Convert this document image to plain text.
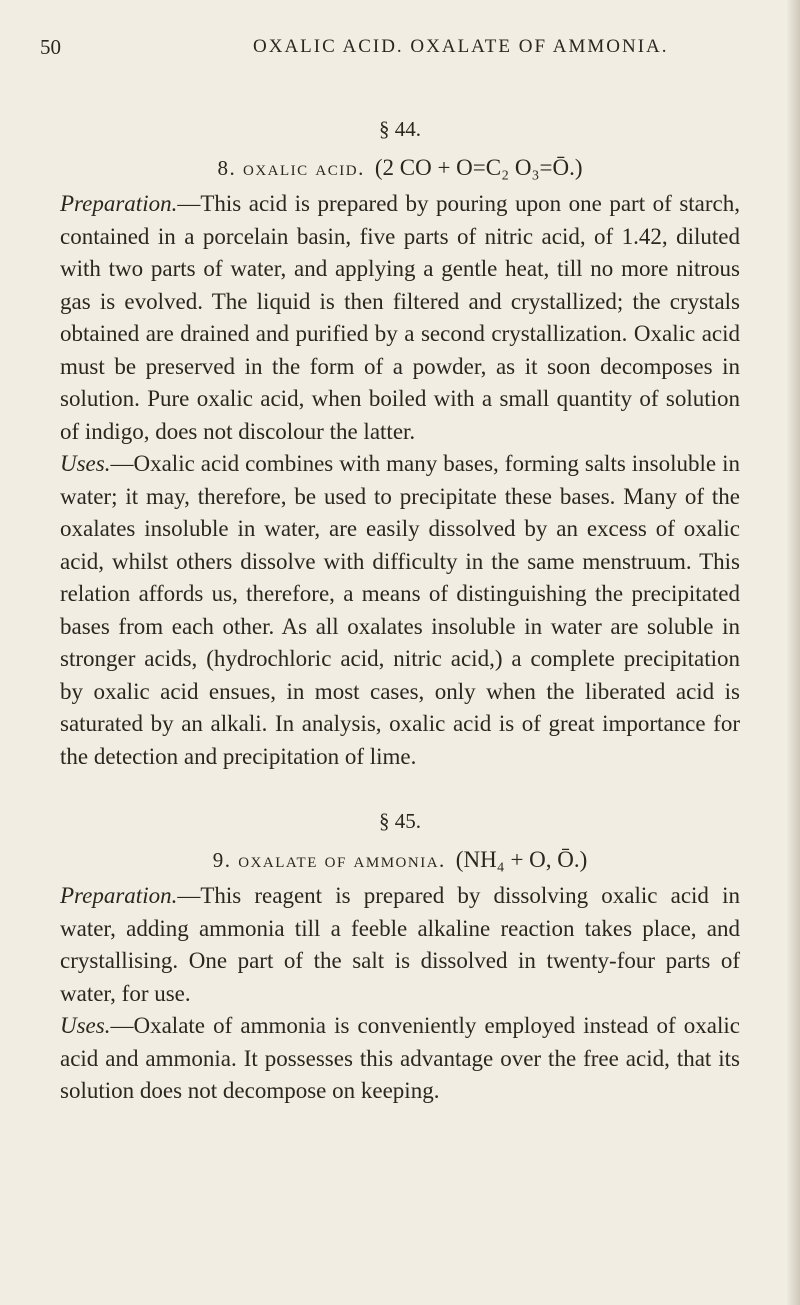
50	OXALIC ACID. OXALATE OF AMMONIA.

§ 44.

8. oxalic acid. (2 CO + O=C₂ O₃=Ō.)

Preparation.—This acid is prepared by pouring upon one part of starch, contained in a porcelain basin, five parts of nitric acid, of 1.42, diluted with two parts of water, and applying a gentle heat, till no more nitrous gas is evolved. The liquid is then filtered and crystallized; the crystals obtained are drained and purified by a second crystallization. Oxalic acid must be preserved in the form of a powder, as it soon decomposes in solution. Pure oxalic acid, when boiled with a small quantity of solution of indigo, does not discolour the latter.

Uses.—Oxalic acid combines with many bases, forming salts insoluble in water; it may, therefore, be used to precipitate these bases. Many of the oxalates insoluble in water, are easily dissolved by an excess of oxalic acid, whilst others dissolve with difficulty in the same menstruum. This relation affords us, therefore, a means of distinguishing the precipitated bases from each other. As all oxalates insoluble in water are soluble in stronger acids, (hydrochloric acid, nitric acid,) a complete precipitation by oxalic acid ensues, in most cases, only when the liberated acid is saturated by an alkali. In analysis, oxalic acid is of great importance for the detection and precipitation of lime.

§ 45.

9. oxalate of ammonia. (NH₄ + O, Ō.)

Preparation.—This reagent is prepared by dissolving oxalic acid in water, adding ammonia till a feeble alkaline reaction takes place, and crystallising. One part of the salt is dissolved in twenty-four parts of water, for use.

Uses.—Oxalate of ammonia is conveniently employed instead of oxalic acid and ammonia. It possesses this advantage over the free acid, that its solution does not decompose on keeping.
